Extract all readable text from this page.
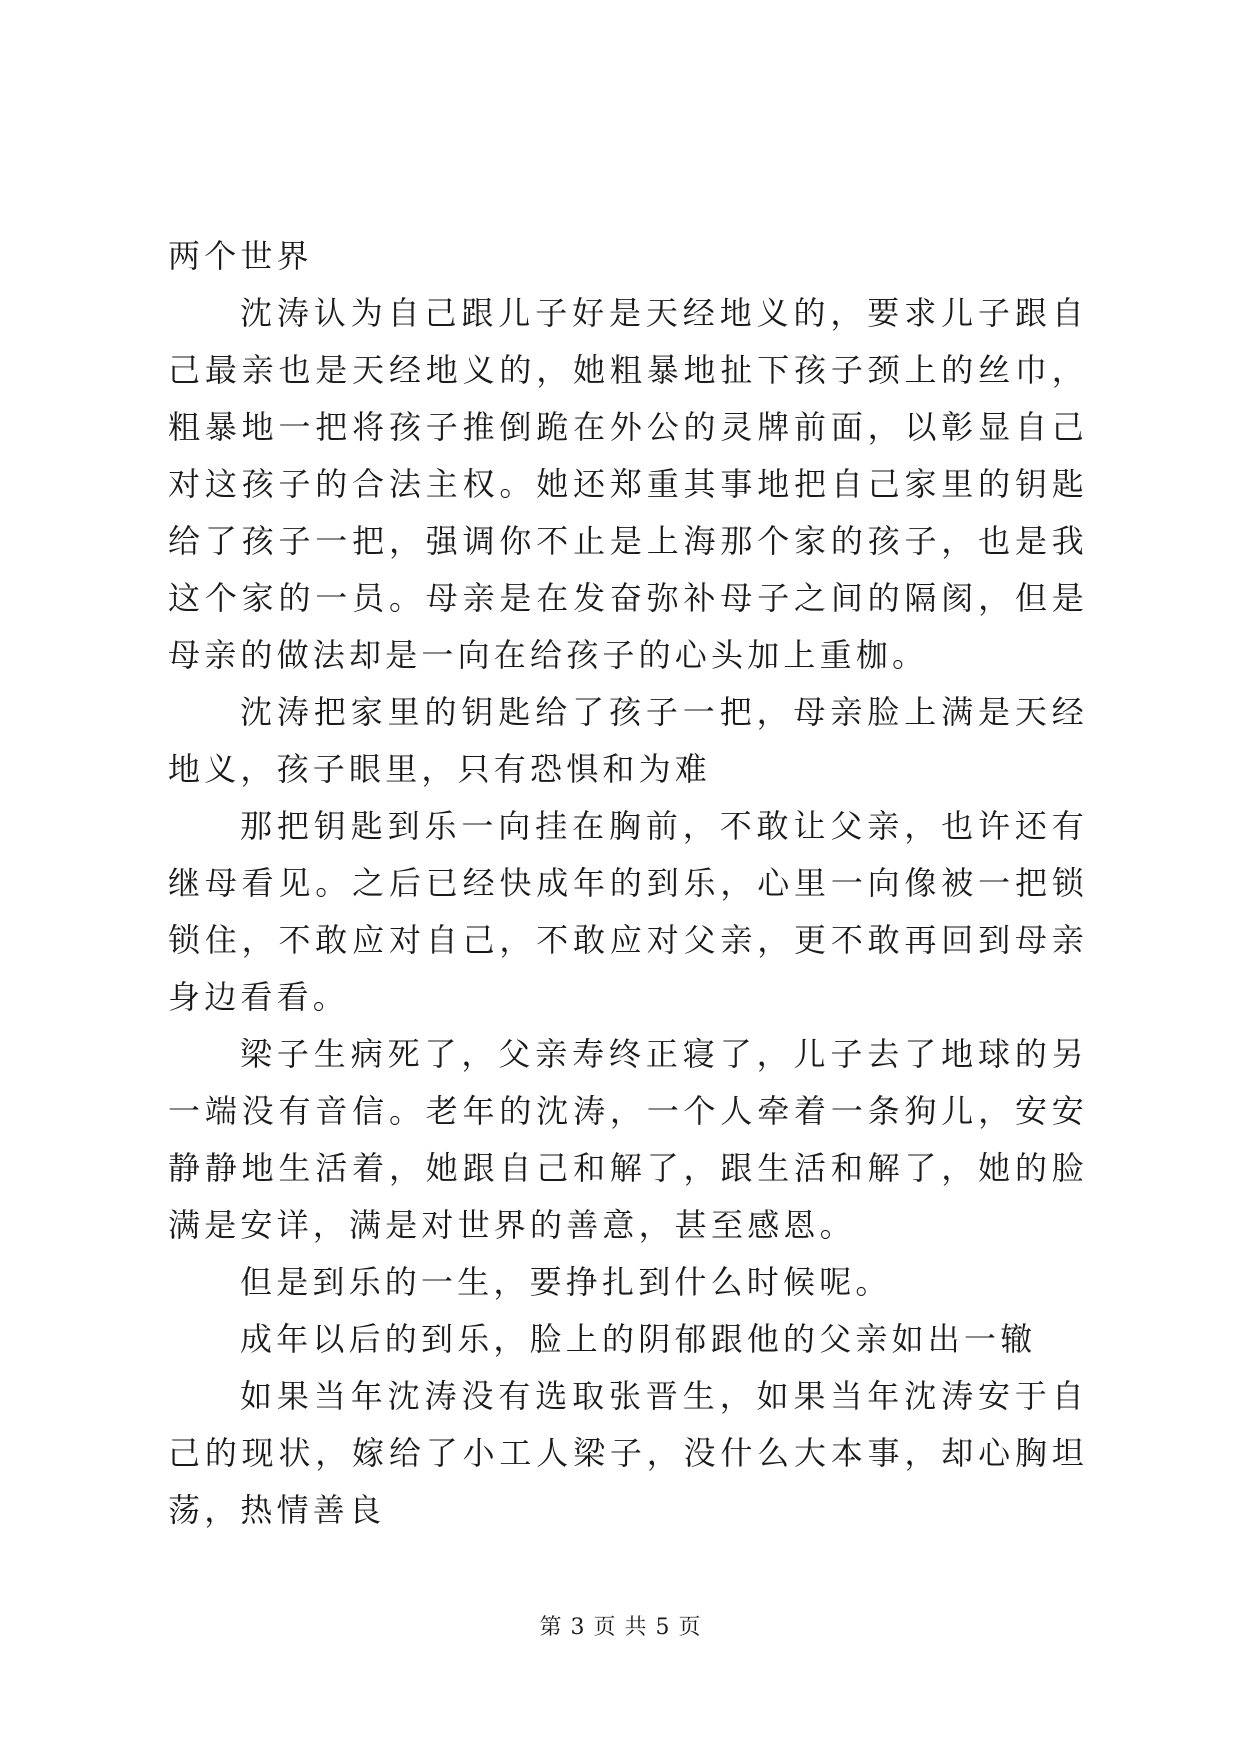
两个世界

沈涛认为自己跟儿子好是天经地义的，要求儿子跟自己最亲也是天经地义的，她粗暴地扯下孩子颈上的丝巾，粗暴地一把将孩子推倒跪在外公的灵牌前面，以彰显自己对这孩子的合法主权。她还郑重其事地把自己家里的钥匙给了孩子一把，强调你不止是上海那个家的孩子，也是我这个家的一员。母亲是在发奋弥补母子之间的隔阂，但是母亲的做法却是一向在给孩子的心头加上重枷。

沈涛把家里的钥匙给了孩子一把，母亲脸上满是天经地义，孩子眼里，只有恐惧和为难

那把钥匙到乐一向挂在胸前，不敢让父亲，也许还有继母看见。之后已经快成年的到乐，心里一向像被一把锁锁住，不敢应对自己，不敢应对父亲，更不敢再回到母亲身边看看。

梁子生病死了，父亲寿终正寝了，儿子去了地球的另一端没有音信。老年的沈涛，一个人牵着一条狗儿，安安静静地生活着，她跟自己和解了，跟生活和解了，她的脸满是安详，满是对世界的善意，甚至感恩。

但是到乐的一生，要挣扎到什么时候呢。

成年以后的到乐，脸上的阴郁跟他的父亲如出一辙

如果当年沈涛没有选取张晋生，如果当年沈涛安于自己的现状，嫁给了小工人梁子，没什么大本事，却心胸坦荡，热情善良

第 3 页 共 5 页
